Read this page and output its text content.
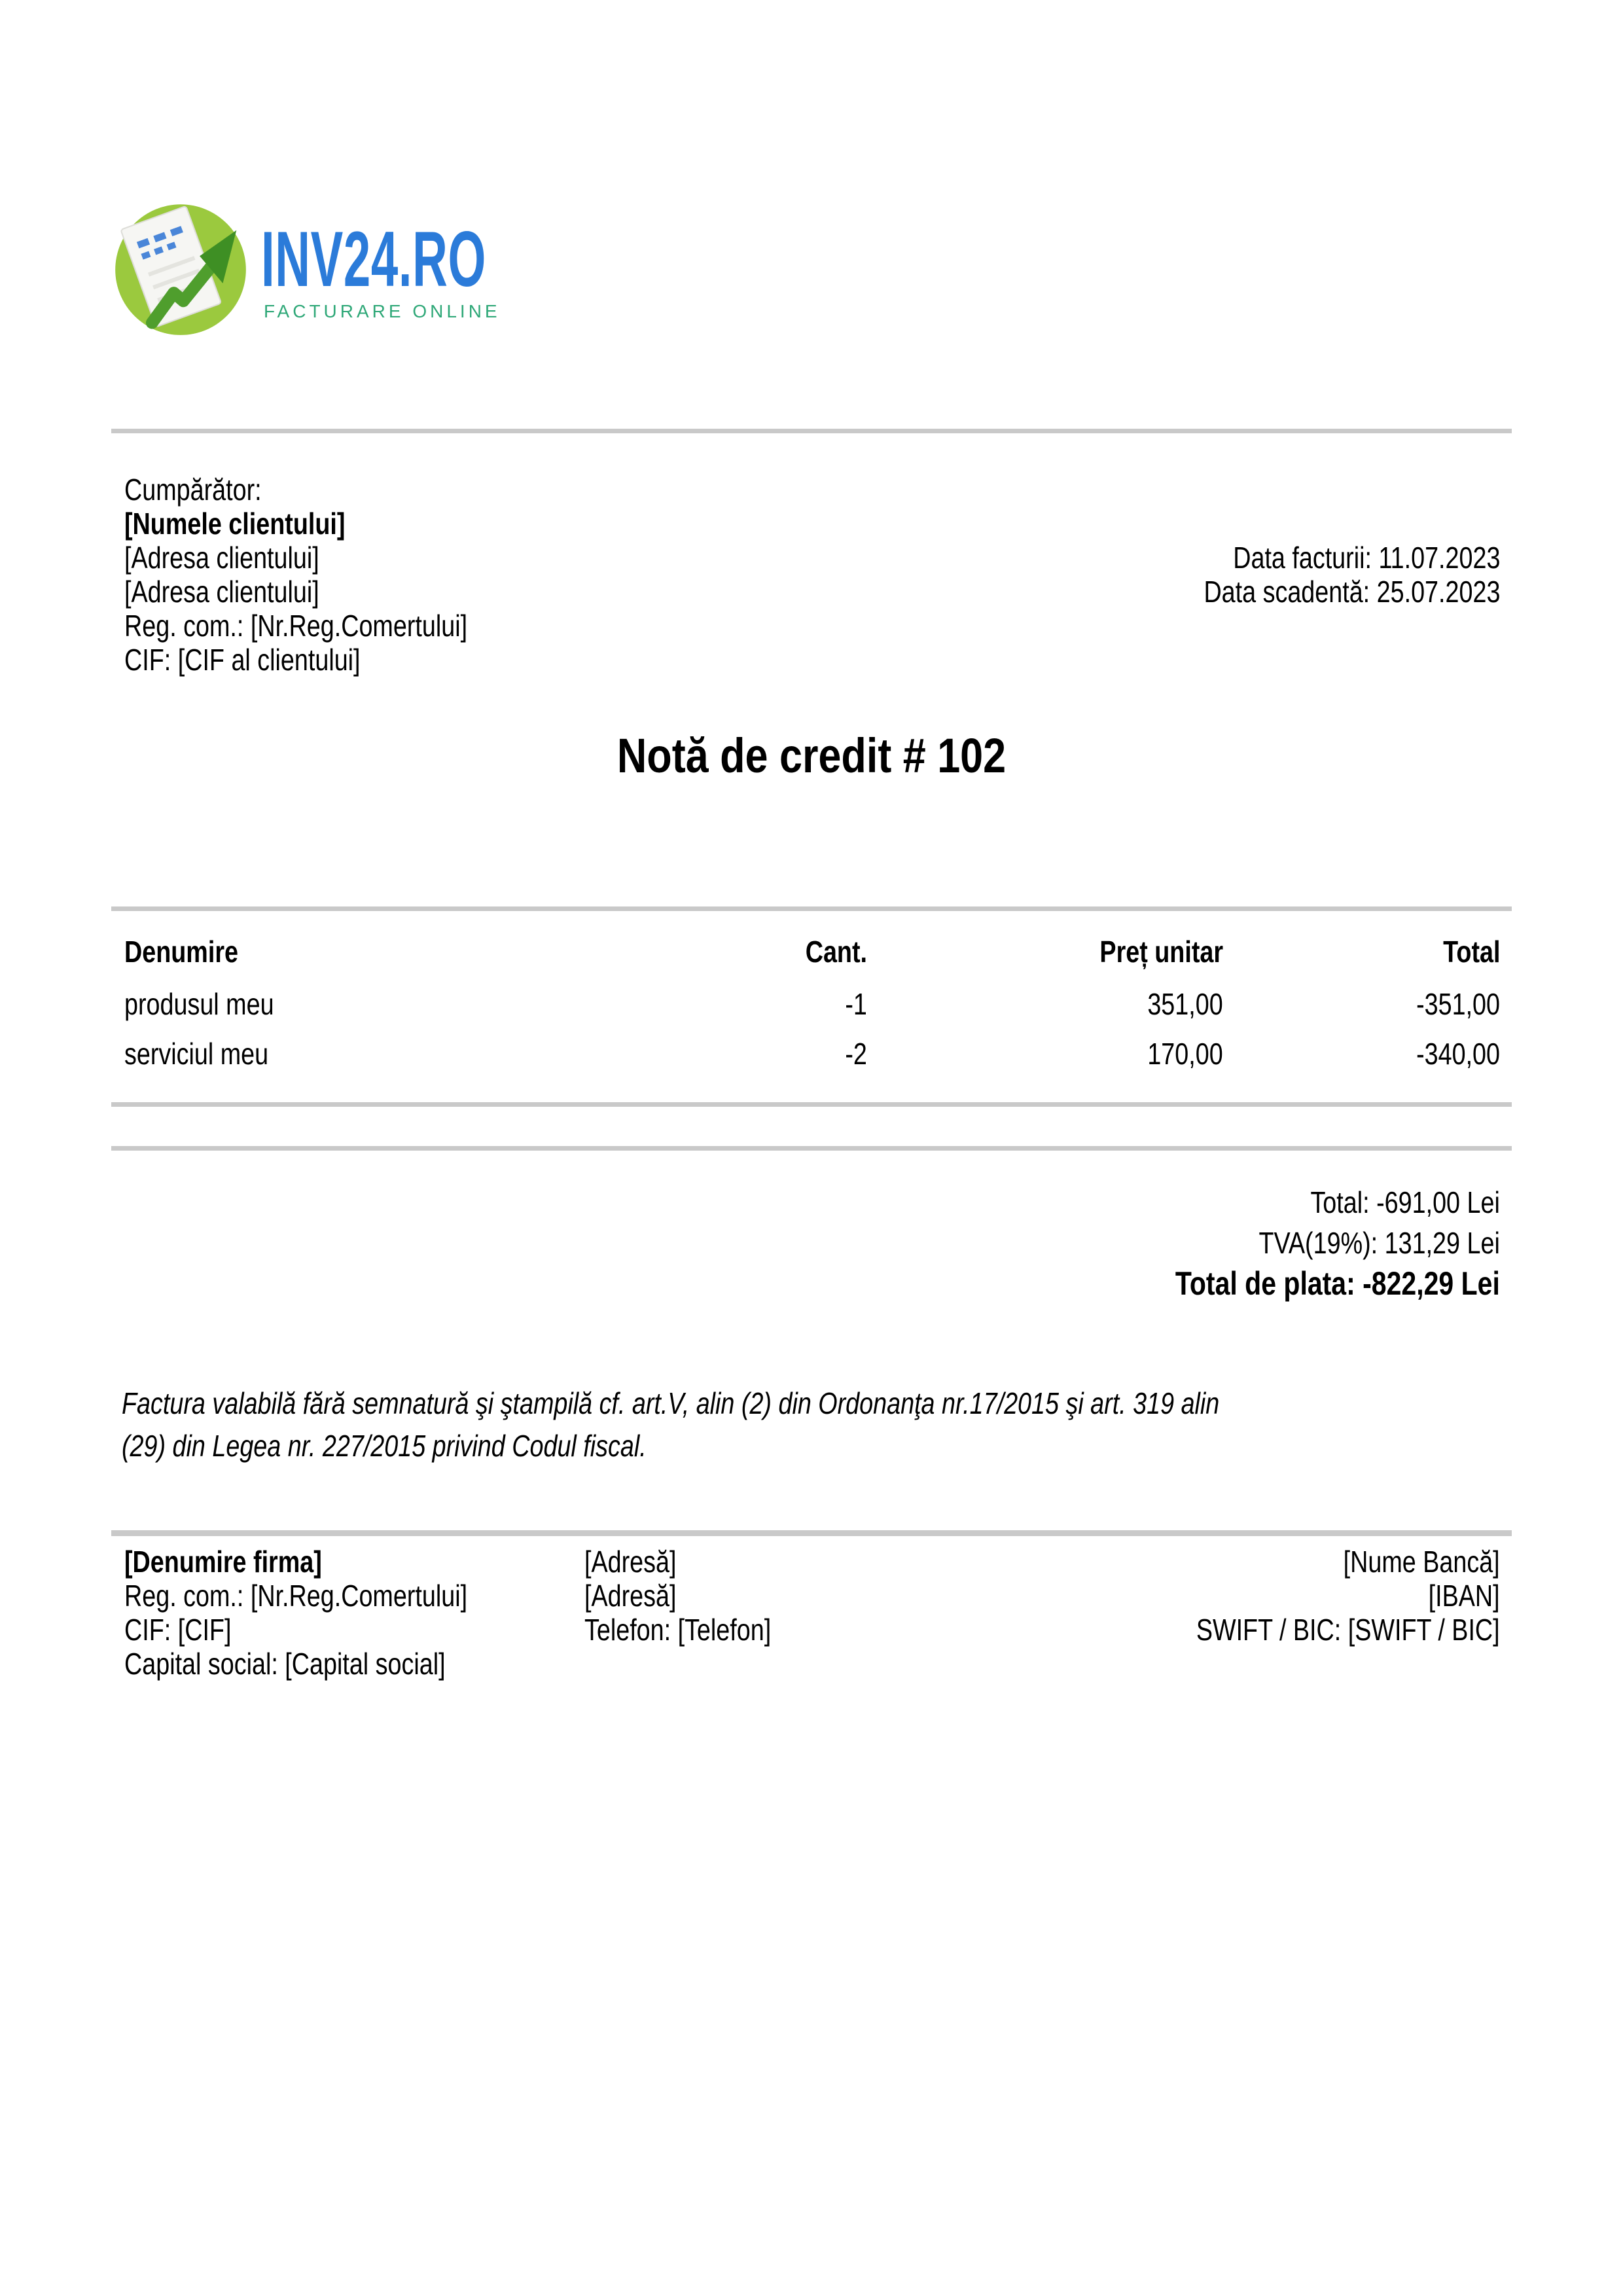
INV24.RO
FACTURARE ONLINE
Cumpărător:
[Numele clientului]
[Adresa clientului]
[Adresa clientului]
Reg. com.: [Nr.Reg.Comertului]
CIF: [CIF al clientului]
Data facturii: 11.07.2023
Data scadentă: 25.07.2023
Notă de credit # 102
Denumire	Cant.	Preț unitar	Total
produsul meu	-1	351,00	-351,00
serviciul meu	-2	170,00	-340,00
Total: -691,00 Lei
TVA(19%): 131,29 Lei
Total de plata: -822,29 Lei
Factura valabilă fără semnatură şi ştampilă cf. art.V, alin (2) din Ordonanţa nr.17/2015 şi art. 319 alin
(29) din Legea nr. 227/2015 privind Codul fiscal.
[Denumire firma]
Reg. com.: [Nr.Reg.Comertului]
CIF: [CIF]
Capital social: [Capital social]
[Adresă]
[Adresă]
Telefon: [Telefon]
[Nume Bancă]
[IBAN]
SWIFT / BIC: [SWIFT / BIC]
